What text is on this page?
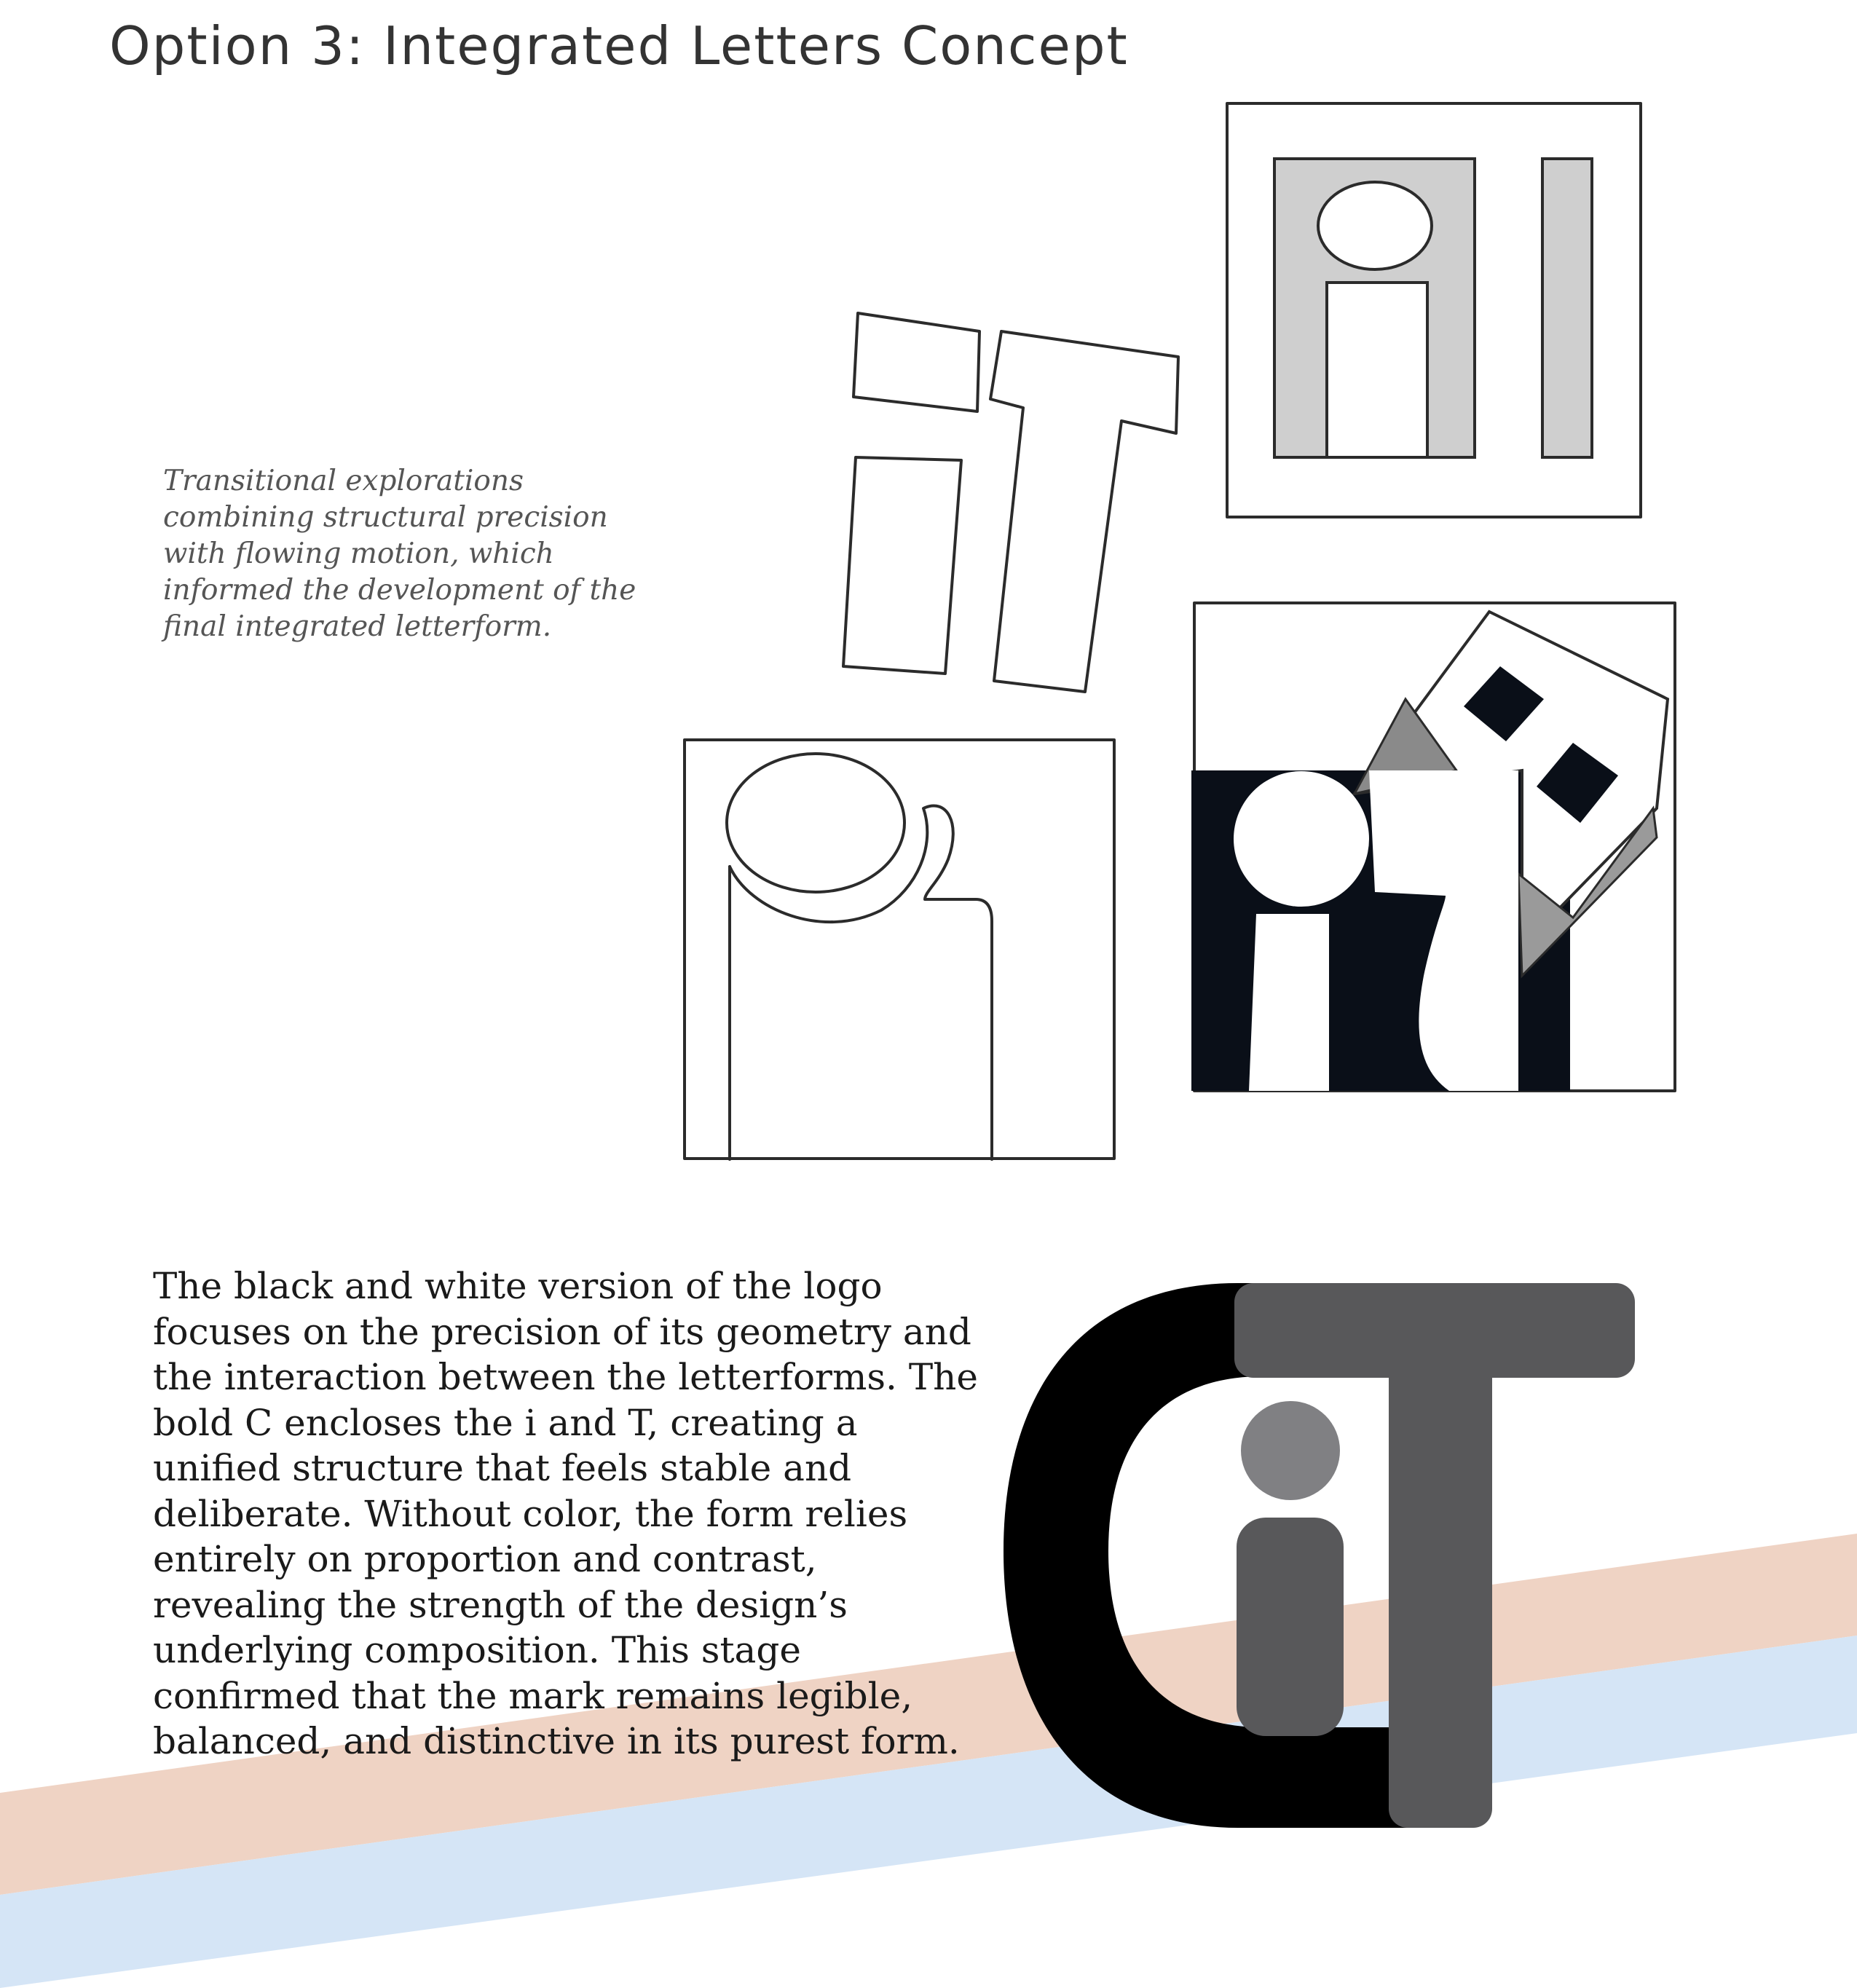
Option 3: Integrated Letters Concept

Transitional explorations combining structural precision with flowing motion, which informed the development of the final integrated letterform.

The black and white version of the logo focuses on the precision of its geometry and the interaction between the letterforms. The bold C encloses the i and T, creating a unified structure that feels stable and deliberate. Without color, the form relies entirely on proportion and contrast, revealing the strength of the design’s underlying composition. This stage confirmed that the mark remains legible, balanced, and distinctive in its purest form.
